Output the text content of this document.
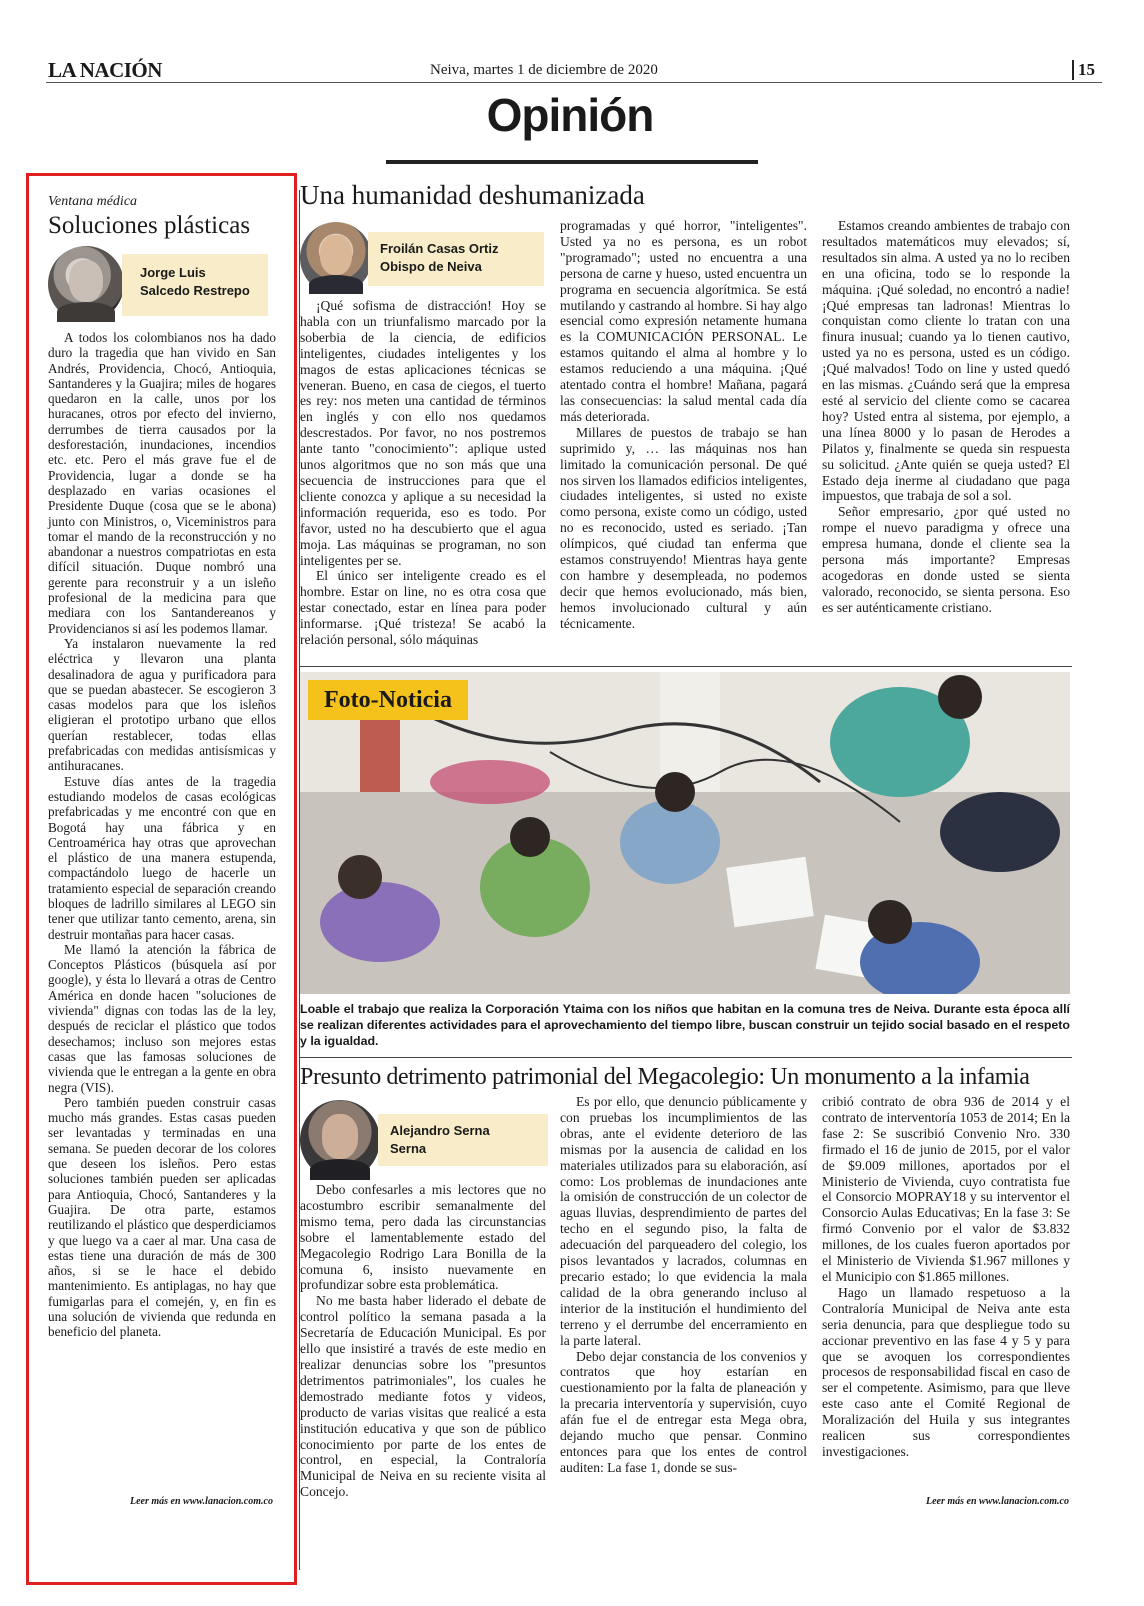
LA NACIÓN	Neiva, martes 1 de diciembre de 2020	15
Opinión
Ventana médica
Soluciones plásticas
Jorge Luis
Salcedo Restrepo

A todos los colombianos nos ha dado duro la tragedia que han vivido en San Andrés, Providencia, Chocó, Antioquia, Santanderes y la Guajira; miles de hogares quedaron en la calle, unos por los huracanes, otros por efecto del invierno, derrumbes de tierra causados por la desforestación, inundaciones, incendios etc. etc. Pero el más grave fue el de Providencia, lugar a donde se ha desplazado en varias ocasiones el Presidente Duque (cosa que se le abona) junto con Ministros, o, Viceministros para tomar el mando de la reconstrucción y no abandonar a nuestros compatriotas en esta difícil situación. Duque nombró una gerente para reconstruir y a un isleño profesional de la medicina para que mediara con los Santandereanos y Providencianos si así les podemos llamar.

Ya instalaron nuevamente la red eléctrica y llevaron una planta desalinadora de agua y purificadora para que se puedan abastecer. Se escogieron 3 casas modelos para que los isleños eligieran el prototipo urbano que ellos querían restablecer, todas ellas prefabricadas con medidas antisísmicas y antihuracanes.

Estuve días antes de la tragedia estudiando modelos de casas ecológicas prefabricadas y me encontré con que en Bogotá hay una fábrica y en Centroamérica hay otras que aprovechan el plástico de una manera estupenda, compactándolo luego de hacerle un tratamiento especial de separación creando bloques de ladrillo similares al LEGO sin tener que utilizar tanto cemento, arena, sin destruir montañas para hacer casas.

Me llamó la atención la fábrica de Conceptos Plásticos (búsquela así por google), y ésta lo llevará a otras de Centro América en donde hacen "soluciones de vivienda" dignas con todas las de la ley, después de reciclar el plástico que todos desechamos; incluso son mejores estas casas que las famosas soluciones de vivienda que le entregan a la gente en obra negra (VIS).

Pero también pueden construir casas mucho más grandes. Estas casas pueden ser levantadas y terminadas en una semana. Se pueden decorar de los colores que deseen los isleños. Pero estas soluciones también pueden ser aplicadas para Antioquia, Chocó, Santanderes y la Guajira. De otra parte, estamos reutilizando el plástico que desperdiciamos y que luego va a caer al mar. Una casa de estas tiene una duración de más de 300 años, si se le hace el debido mantenimiento. Es antiplagas, no hay que fumigarlas para el comején, y, en fin es una solución de vivienda que redunda en beneficio del planeta.

Leer más en www.lanacion.com.co
Una humanidad deshumanizada
Froilán Casas Ortiz
Obispo de Neiva

¡Qué sofisma de distracción! Hoy se habla con un triunfalismo marcado por la soberbia de la ciencia, de edificios inteligentes, ciudades inteligentes y los magos de estas aplicaciones técnicas se veneran. Bueno, en casa de ciegos, el tuerto es rey: nos meten una cantidad de términos en inglés y con ello nos quedamos descrestados. Por favor, no nos postremos ante tanto "conocimiento": aplique usted unos algoritmos que no son más que una secuencia de instrucciones para que el cliente conozca y aplique a su necesidad la información requerida, eso es todo. Por favor, usted no ha descubierto que el agua moja. Las máquinas se programan, no son inteligentes per se.

El único ser inteligente creado es el hombre. Estar on line, no es otra cosa que estar conectado, estar en línea para poder informarse. ¡Qué tristeza! Se acabó la relación personal, sólo máquinas

programadas y qué horror, "inteligentes". Usted ya no es persona, es un robot "programado"; usted no encuentra a una persona de carne y hueso, usted encuentra un programa en secuencia algorítmica. Se está mutilando y castrando al hombre. Si hay algo esencial como expresión netamente humana es la COMUNICACIÓN PERSONAL. Le estamos quitando el alma al hombre y lo estamos reduciendo a una máquina. ¡Qué atentado contra el hombre! Mañana, pagará las consecuencias: la salud mental cada día más deteriorada.

Millares de puestos de trabajo se han suprimido y, … las máquinas nos han limitado la comunicación personal. De qué nos sirven los llamados edificios inteligentes, ciudades inteligentes, si usted no existe como persona, existe como un código, usted no es reconocido, usted es seriado. ¡Tan olímpicos, qué ciudad tan enferma que estamos construyendo! Mientras haya gente con hambre y desempleada, no podemos decir que hemos evolucionado, más bien, hemos involucionado cultural y aún técnicamente.

Estamos creando ambientes de trabajo con resultados matemáticos muy elevados; sí, resultados sin alma. A usted ya no lo reciben en una oficina, todo se lo responde la máquina. ¡Qué soledad, no encontró a nadie! ¡Qué empresas tan ladronas! Mientras lo conquistan como cliente lo tratan con una finura inusual; cuando ya lo tienen cautivo, usted ya no es persona, usted es un código. ¡Qué malvados! Todo on line y usted quedó en las mismas. ¿Cuándo será que la empresa esté al servicio del cliente como se cacarea hoy? Usted entra al sistema, por ejemplo, a una línea 8000 y lo pasan de Herodes a Pilatos y, finalmente se queda sin respuesta su solicitud. ¿Ante quién se queja usted? El Estado deja inerme al ciudadano que paga impuestos, que trabaja de sol a sol.

Señor empresario, ¿por qué usted no rompe el nuevo paradigma y ofrece una empresa humana, donde el cliente sea la persona más importante? Empresas acogedoras en donde usted se sienta valorado, reconocido, se sienta persona. Eso es ser auténticamente cristiano.

Foto-Noticia
Loable el trabajo que realiza la Corporación Ytaima con los niños que habitan en la comuna tres de Neiva. Durante esta época allí se realizan diferentes actividades para el aprovechamiento del tiempo libre, buscan construir un tejido social basado en el respeto y la igualdad.
Presunto detrimento patrimonial del Megacolegio: Un monumento a la infamia
Alejandro Serna
Serna

Debo confesarles a mis lectores que no acostumbro escribir semanalmente del mismo tema, pero dada las circunstancias sobre el lamentablemente estado del Megacolegio Rodrigo Lara Bonilla de la comuna 6, insisto nuevamente en profundizar sobre esta problemática.

No me basta haber liderado el debate de control político la semana pasada a la Secretaría de Educación Municipal. Es por ello que insistiré a través de este medio en realizar denuncias sobre los "presuntos detrimentos patrimoniales", los cuales he demostrado mediante fotos y videos, producto de varias visitas que realicé a esta institución educativa y que son de público conocimiento por parte de los entes de control, en especial, la Contraloría Municipal de Neiva en su reciente visita al Concejo.

Es por ello, que denuncio públicamente y con pruebas los incumplimientos de las obras, ante el evidente deterioro de las mismas por la ausencia de calidad en los materiales utilizados para su elaboración, así como: Los problemas de inundaciones ante la omisión de construcción de un colector de aguas lluvias, desprendimiento de partes del techo en el segundo piso, la falta de adecuación del parqueadero del colegio, los pisos levantados y lacrados, columnas en precario estado; lo que evidencia la mala calidad de la obra generando incluso al interior de la institución el hundimiento del terreno y el derrumbe del encerramiento en la parte lateral.

Debo dejar constancia de los convenios y contratos que hoy estarían en cuestionamiento por la falta de planeación y la precaria interventoría y supervisión, cuyo afán fue el de entregar esta Mega obra, dejando mucho que pensar. Conmino entonces para que los entes de control auditen: La fase 1, donde se sus-

cribió contrato de obra 936 de 2014 y el contrato de interventoría 1053 de 2014; En la fase 2: Se suscribió Convenio Nro. 330 firmado el 16 de junio de 2015, por el valor de $9.009 millones, aportados por el Ministerio de Vivienda, cuyo contratista fue el Consorcio MOPRAY18 y su interventor el Consorcio Aulas Educativas; En la fase 3: Se firmó Convenio por el valor de $3.832 millones, de los cuales fueron aportados por el Ministerio de Vivienda $1.967 millones y el Municipio con $1.865 millones.

Hago un llamado respetuoso a la Contraloría Municipal de Neiva ante esta seria denuncia, para que despliegue todo su accionar preventivo en las fase 4 y 5 y para que se avoquen los correspondientes procesos de responsabilidad fiscal en caso de ser el competente. Asimismo, para que lleve este caso ante el Comité Regional de Moralización del Huila y sus integrantes realicen sus correspondientes investigaciones.

Leer más en www.lanacion.com.co
